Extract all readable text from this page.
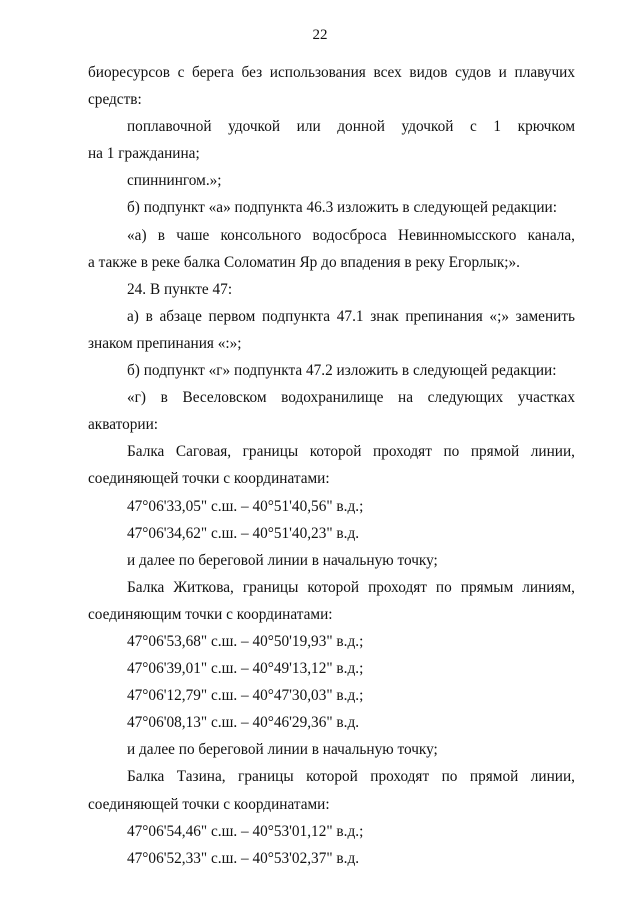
22

биоресурсов с берега без использования всех видов судов и плавучих

средств:

поплавочной удочкой или донной удочкой с 1 крючком

на 1 гражданина;

спиннингом.»;

б) подпункт «а» подпункта 46.3 изложить в следующей редакции:

«а) в чаше консольного водосброса Невинномысского канала,

а также в реке балка Соломатин Яр до впадения в реку Егорлык;».

24. В пункте 47:

а) в абзаце первом подпункта 47.1 знак препинания «;» заменить

знаком препинания «:»;

б) подпункт «г» подпункта 47.2 изложить в следующей редакции:

«г) в Веселовском водохранилище на следующих участках

акватории:

Балка Саговая, границы которой проходят по прямой линии,

соединяющей точки с координатами:

47°06'33,05" с.ш. – 40°51'40,56" в.д.;

47°06'34,62" с.ш. – 40°51'40,23" в.д.

и далее по береговой линии в начальную точку;

Балка Житкова, границы которой проходят по прямым линиям,

соединяющим точки с координатами:

47°06'53,68" с.ш. – 40°50'19,93" в.д.;

47°06'39,01" с.ш. – 40°49'13,12" в.д.;

47°06'12,79" с.ш. – 40°47'30,03" в.д.;

47°06'08,13" с.ш. – 40°46'29,36" в.д.

и далее по береговой линии в начальную точку;

Балка Тазина, границы которой проходят по прямой линии,

соединяющей точки с координатами:

47°06'54,46" с.ш. – 40°53'01,12" в.д.;

47°06'52,33" с.ш. – 40°53'02,37" в.д.
